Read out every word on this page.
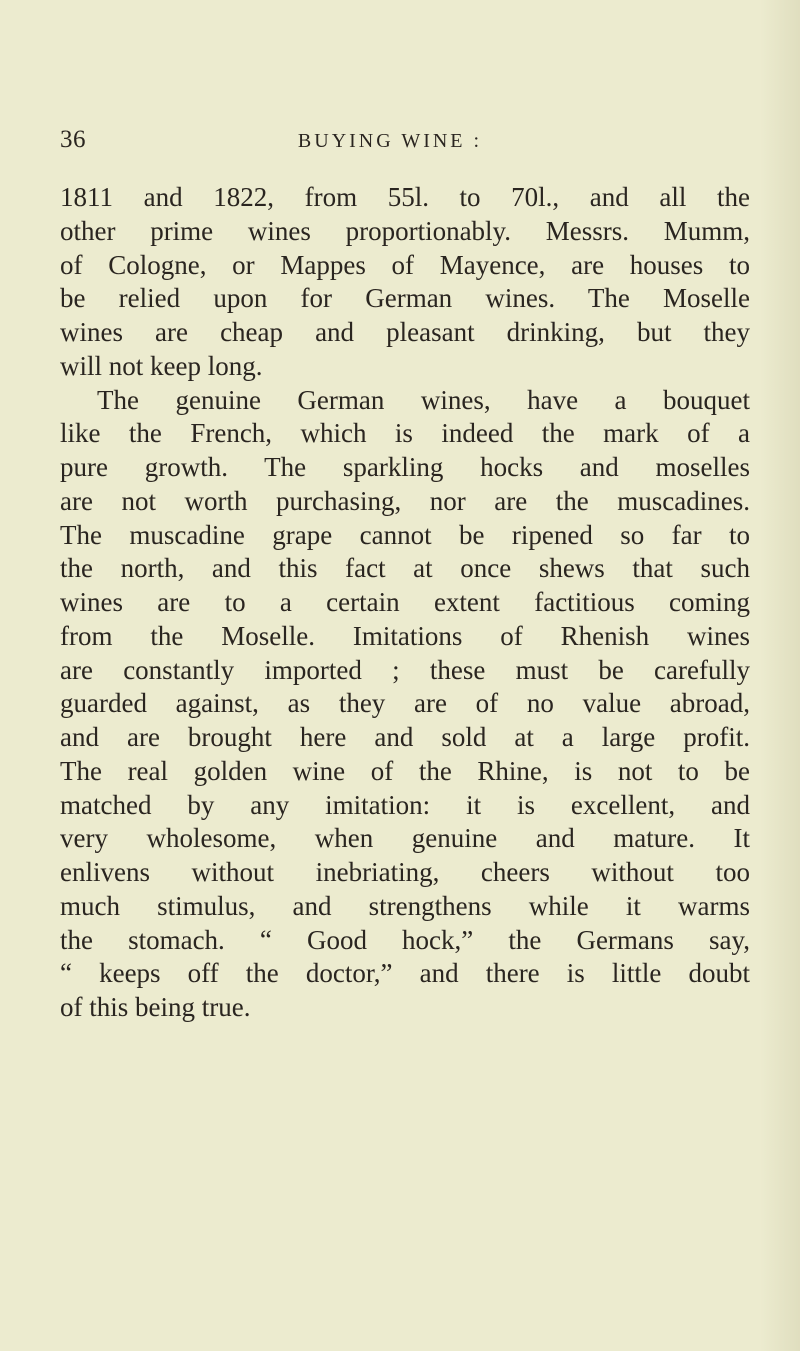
36	BUYING WINE :
1811 and 1822, from 55l. to 70l., and all the
other prime wines proportionably. Messrs. Mumm,
of Cologne, or Mappes of Mayence, are houses to
be relied upon for German wines. The Moselle
wines are cheap and pleasant drinking, but they
will not keep long.
The genuine German wines, have a bouquet
like the French, which is indeed the mark of a
pure growth. The sparkling hocks and moselles
are not worth purchasing, nor are the muscadines.
The muscadine grape cannot be ripened so far to
the north, and this fact at once shews that such
wines are to a certain extent factitious coming
from the Moselle. Imitations of Rhenish wines
are constantly imported ; these must be carefully
guarded against, as they are of no value abroad,
and are brought here and sold at a large profit.
The real golden wine of the Rhine, is not to be
matched by any imitation: it is excellent, and
very wholesome, when genuine and mature. It
enlivens without inebriating, cheers without too
much stimulus, and strengthens while it warms
the stomach. “ Good hock,” the Germans say,
“ keeps off the doctor,” and there is little doubt
of this being true.
